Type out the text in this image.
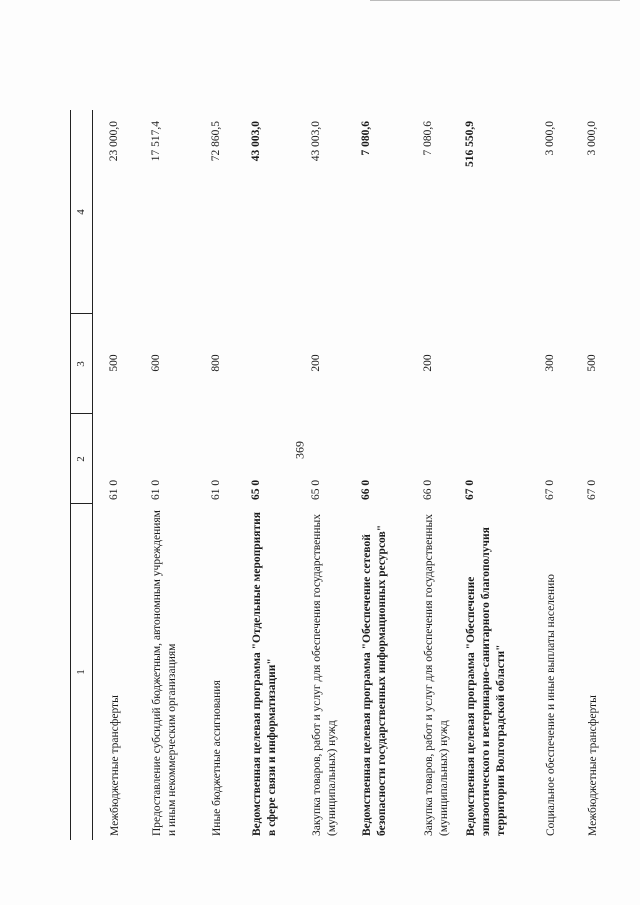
369
1
2
3
4
Межбюджетные трансферты
61 0
500
23 000,0
Предоставление субсидий бюджетным, автономным учреждениям и иным некоммерческим организациям
61 0
600
17 517,4
Иные бюджетные ассигнования
61 0
800
72 860,5
Ведомственная целевая программа "Отдельные мероприятия в сфере связи и информатизации"
65 0
43 003,0
Закупка товаров, работ и услуг для обеспечения государственных (муниципальных) нужд
65 0
200
43 003,0
Ведомственная целевая программа "Обеспечение сетевой безопасности государственных информационных ресурсов"
66 0
7 080,6
Закупка товаров, работ и услуг для обеспечения государственных (муниципальных) нужд
66 0
200
7 080,6
Ведомственная целевая программа "Обеспечение эпизоотического и ветеринарно-санитарного благополучия территории Волгоградской области"
67 0
516 550,9
Социальное обеспечение и иные выплаты населению
67 0
300
3 000,0
Межбюджетные трансферты
67 0
500
3 000,0
